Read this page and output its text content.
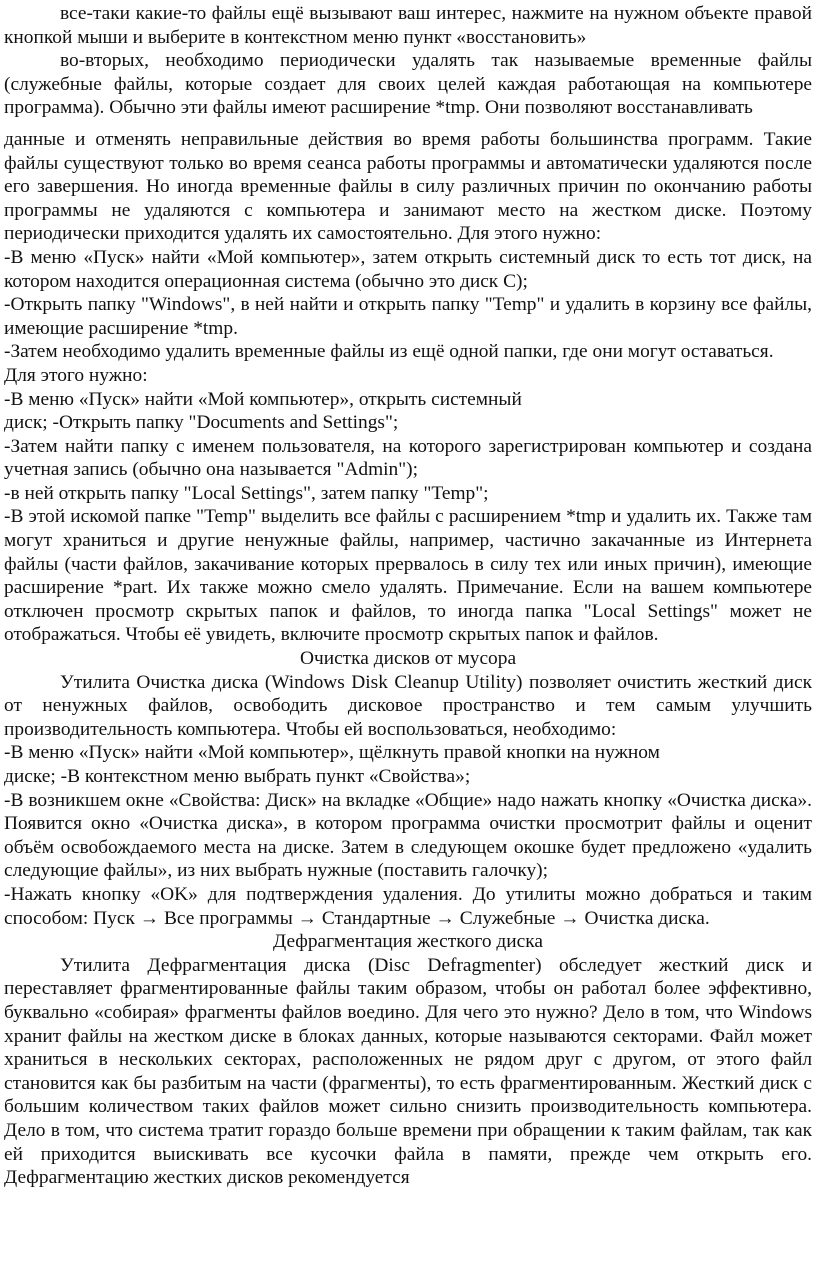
все-таки какие-то файлы ещё вызывают ваш интерес, нажмите на нужном объекте правой кнопкой мыши и выберите в контекстном меню пункт «восстановить»

во-вторых, необходимо периодически удалять так называемые временные файлы (служебные файлы, которые создает для своих целей каждая работающая на компьютере программа). Обычно эти файлы имеют расширение *tmp. Они позволяют восстанавливать

данные и отменять неправильные действия во время работы большинства программ. Такие файлы существуют только во время сеанса работы программы и автоматически удаляются после его завершения. Но иногда временные файлы в силу различных причин по окончанию работы программы не удаляются с компьютера и занимают место на жестком диске. Поэтому периодически приходится удалять их самостоятельно. Для этого нужно:

-В меню «Пуск» найти «Мой компьютер», затем открыть системный диск то есть тот диск, на котором находится операционная система (обычно это диск С);

-Открыть папку "Windows", в ней найти и открыть папку "Temp" и удалить в корзину все файлы, имеющие расширение *tmp.

-Затем необходимо удалить временные файлы из ещё одной папки, где они могут оставаться.

Для этого нужно:

-В меню «Пуск» найти «Мой компьютер», открыть системный

диск; -Открыть папку "Documents and Settings";

-Затем найти папку с именем пользователя, на которого зарегистрирован компьютер и создана учетная запись (обычно она называется "Admin");

-в ней открыть папку "Local Settings", затем папку "Temp";

-В этой искомой папке "Temp" выделить все файлы с расширением *tmp и удалить их. Также там могут храниться и другие ненужные файлы, например, частично закачанные из Интернета файлы (части файлов, закачивание которых прервалось в силу тех или иных причин), имеющие расширение *part. Их также можно смело удалять. Примечание. Если на вашем компьютере отключен просмотр скрытых папок и файлов, то иногда папка "Local Settings" может не отображаться. Чтобы её увидеть, включите просмотр скрытых папок и файлов.

Очистка дисков от мусора

Утилита Очистка диска (Windows Disk Cleanup Utility) позволяет очистить жесткий диск от ненужных файлов, освободить дисковое пространство и тем самым улучшить производительность компьютера. Чтобы ей воспользоваться, необходимо:

-В меню «Пуск» найти «Мой компьютер», щёлкнуть правой кнопки на нужном

диске; -В контекстном меню выбрать пункт «Свойства»;

-В возникшем окне «Свойства: Диск» на вкладке «Общие» надо нажать кнопку «Очистка диска». Появится окно «Очистка диска», в котором программа очистки просмотрит файлы и оценит объём освобождаемого места на диске. Затем в следующем окошке будет предложено «удалить следующие файлы», из них выбрать нужные (поставить галочку);

-Нажать кнопку «OK» для подтверждения удаления. До утилиты можно добраться и таким способом: Пуск → Все программы → Стандартные → Служебные → Очистка диска.

Дефрагментация жесткого диска

Утилита Дефрагментация диска (Disc Defragmenter) обследует жесткий диск и переставляет фрагментированные файлы таким образом, чтобы он работал более эффективно, буквально «собирая» фрагменты файлов воедино. Для чего это нужно? Дело в том, что Windows хранит файлы на жестком диске в блоках данных, которые называются секторами. Файл может храниться в нескольких секторах, расположенных не рядом друг с другом, от этого файл становится как бы разбитым на части (фрагменты), то есть фрагментированным. Жесткий диск с большим количеством таких файлов может сильно снизить производительность компьютера. Дело в том, что система тратит гораздо больше времени при обращении к таким файлам, так как ей приходится выискивать все кусочки файла в памяти, прежде чем открыть его. Дефрагментацию жестких дисков рекомендуется
